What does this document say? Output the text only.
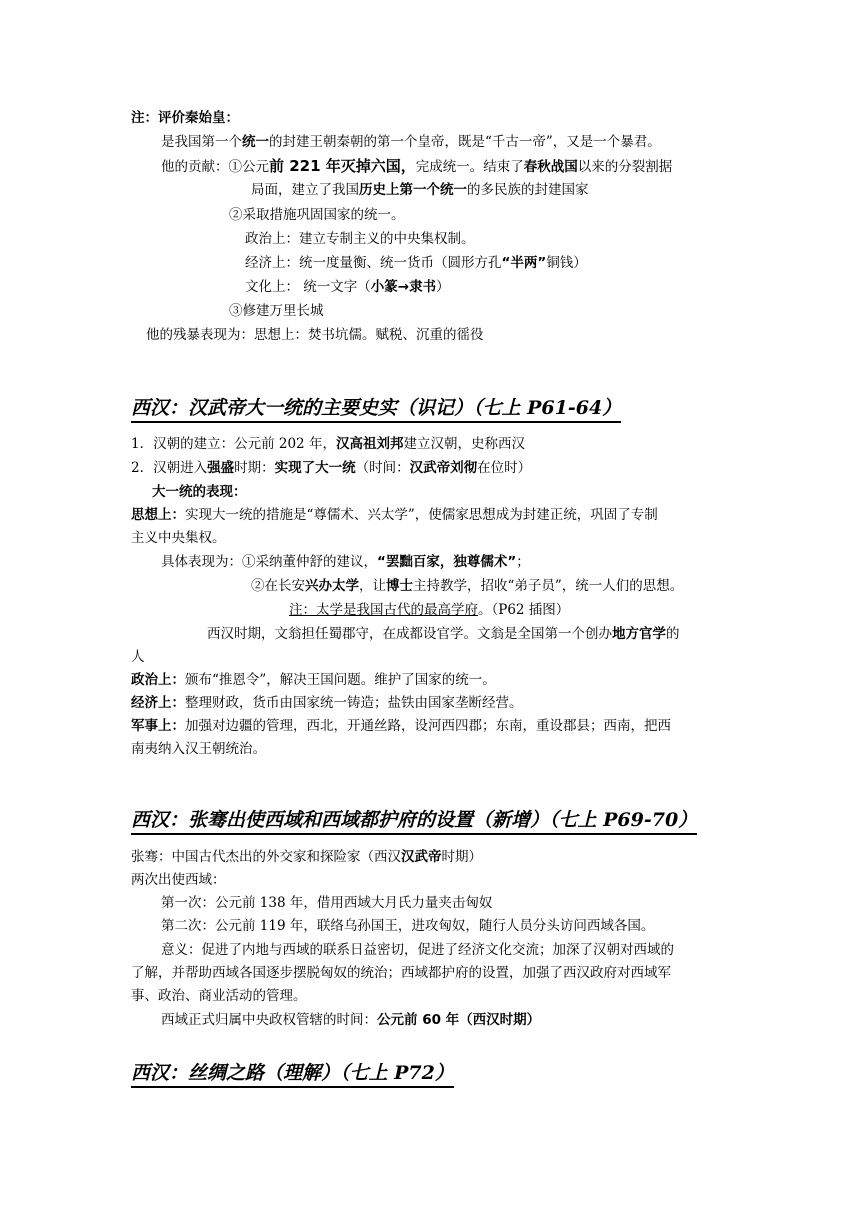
注：评价秦始皇：
是我国第一个统一的封建王朝秦朝的第一个皇帝，既是“千古一帝”，又是一个暴君。
他的贡献：①公元前 221 年灭掉六国，完成统一。结束了春秋战国以来的分裂割据
局面，建立了我国历史上第一个统一的多民族的封建国家
②采取措施巩固国家的统一。
政治上：建立专制主义的中央集权制。
经济上：统一度量衡、统一货币（圆形方孔“半两”铜钱）
文化上： 统一文字（小篆→隶书）
③修建万里长城
他的残暴表现为：思想上：焚书坑儒。赋税、沉重的徭役
西汉：汉武帝大一统的主要史实（识记）（七上 P61-64）
1．汉朝的建立：公元前 202 年，汉高祖刘邦建立汉朝，史称西汉
2．汉朝进入强盛时期：实现了大一统（时间：汉武帝刘彻在位时）
大一统的表现：
思想上：实现大一统的措施是“尊儒术、兴太学”，使儒家思想成为封建正统，巩固了专制
主义中央集权。
具体表现为：①采纳董仲舒的建议，“罢黜百家，独尊儒术”；
②在长安兴办太学，让博士主持教学，招收“弟子员”，统一人们的思想。
注：太学是我国古代的最高学府。（P62 插图）
西汉时期，文翁担任蜀郡守，在成都设官学。文翁是全国第一个创办地方官学的
人
政治上：颁布“推恩令”，解决王国问题。维护了国家的统一。
经济上：整理财政，货币由国家统一铸造；盐铁由国家垄断经营。
军事上：加强对边疆的管理，西北，开通丝路，设河西四郡；东南，重设郡县；西南，把西
南夷纳入汉王朝统治。
西汉：张骞出使西域和西域都护府的设置（新增）（七上 P69-70）
张骞：中国古代杰出的外交家和探险家（西汉汉武帝时期）
两次出使西域：
第一次：公元前 138 年，借用西域大月氏力量夹击匈奴
第二次：公元前 119 年，联络乌孙国王，进攻匈奴，随行人员分头访问西域各国。
意义：促进了内地与西域的联系日益密切，促进了经济文化交流；加深了汉朝对西域的
了解，并帮助西域各国逐步摆脱匈奴的统治；西域都护府的设置，加强了西汉政府对西域军
事、政治、商业活动的管理。
西域正式归属中央政权管辖的时间：公元前 60 年（西汉时期）
西汉：丝绸之路（理解）（七上 P72）
